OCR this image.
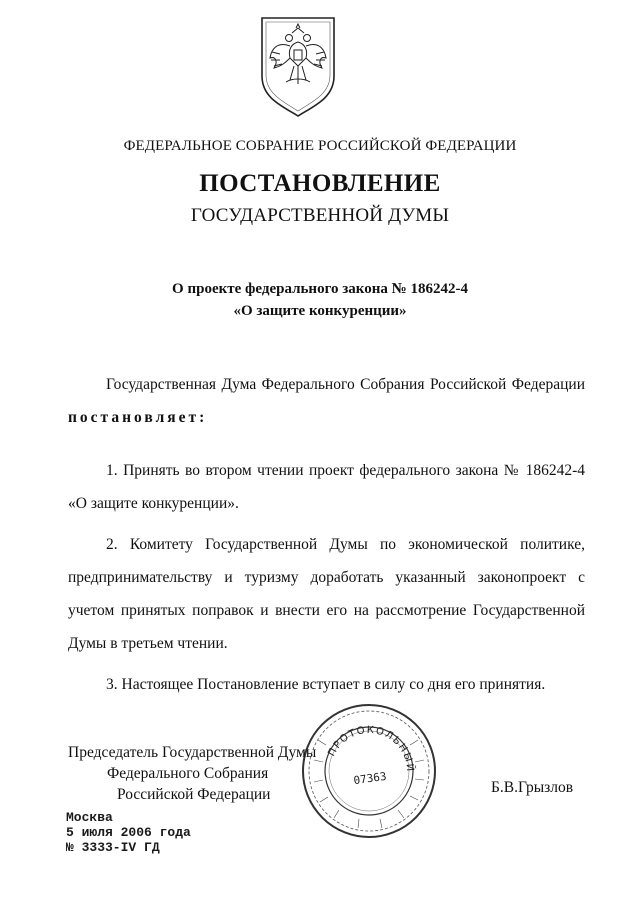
ФЕДЕРАЛЬНОЕ СОБРАНИЕ РОССИЙСКОЙ ФЕДЕРАЦИИ
ПОСТАНОВЛЕНИЕ
ГОСУДАРСТВЕННОЙ ДУМЫ
О проекте федерального закона № 186242-4
«О защите конкуренции»

Государственная Дума Федерального Собрания Российской Федерации постановляет:

1. Принять во втором чтении проект федерального закона № 186242-4 «О защите конкуренции».

2. Комитету Государственной Думы по экономической политике, предпринимательству и туризму доработать указанный законопроект с учетом принятых поправок и внести его на рассмотрение Государственной Думы в третьем чтении.

3. Настоящее Постановление вступает в силу со дня его принятия.

ПРОТОКОЛЬНЫЙ
07363
Председатель Государственной Думы
Федерального Собрания
Российской Федерации	Б.В.Грызлов
Москва
5 июля 2006 года
№ 3333-IV ГД
